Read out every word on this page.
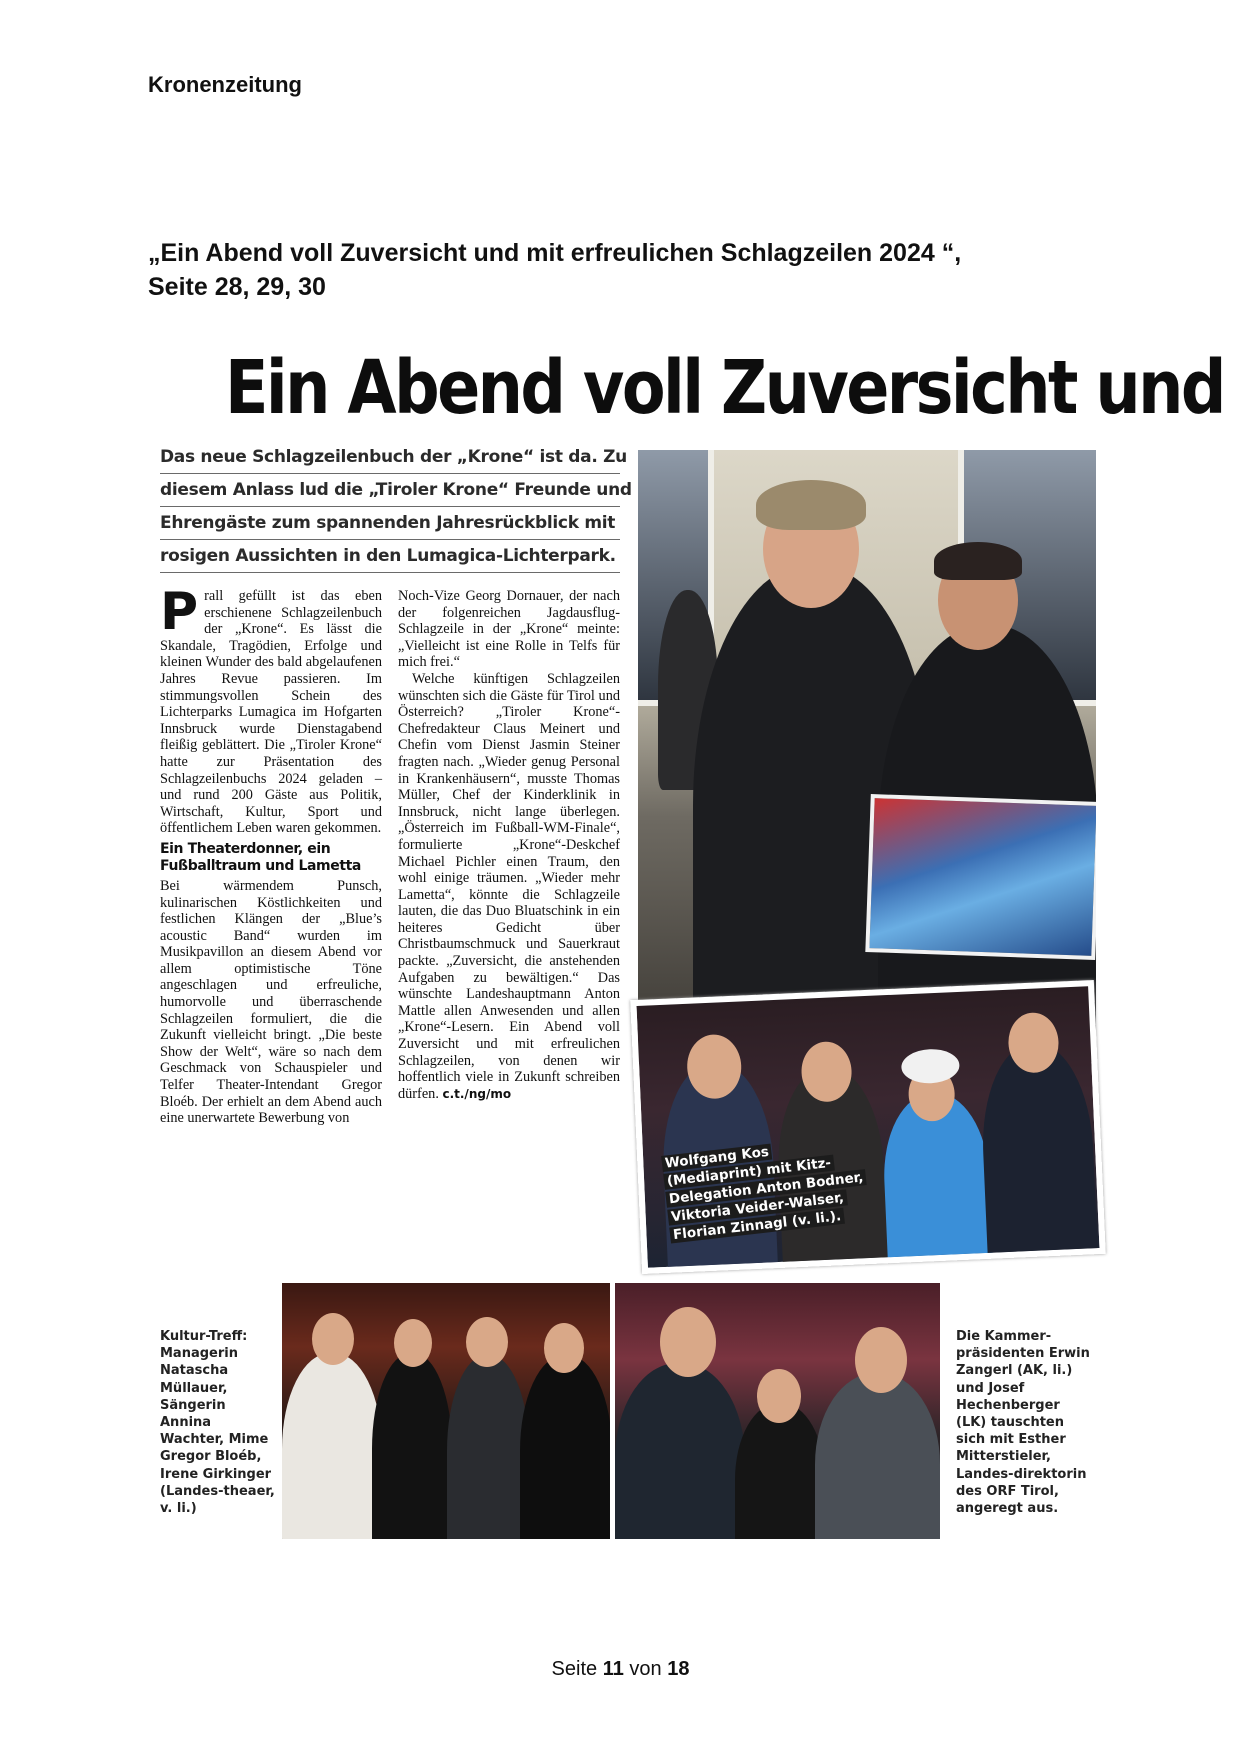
Kronenzeitung
„Ein Abend voll Zuversicht und mit erfreulichen Schlagzeilen 2024 “,
Seite 28, 29, 30
Ein Abend voll Zuversicht und
Das neue Schlagzeilenbuch der „Krone“ ist da. Zu
diesem Anlass lud die „Tiroler Krone“ Freunde und
Ehrengäste zum spannenden Jahresrückblick mit
rosigen Aussichten in den Lumagica-Lichterpark.
P rall gefüllt ist das eben erschienene Schlagzeilenbuch der „Krone“. Es lässt die Skandale, Tragödien, Erfolge und kleinen Wunder des bald abgelaufenen Jahres Revue passieren. Im stimmungsvollen Schein des Lichterparks Lumagica im Hofgarten Innsbruck wurde Dienstagabend fleißig geblättert. Die „Tiroler Krone“ hatte zur Präsentation des Schlagzeilenbuchs 2024 geladen – und rund 200 Gäste aus Politik, Wirtschaft, Kultur, Sport und öffentlichem Leben waren gekommen.

Ein Theaterdonner, ein
Fußballtraum und Lametta

Bei wärmendem Punsch, kulinarischen Köstlichkeiten und festlichen Klängen der „Blue’s acoustic Band“ wurden im Musikpavillon an diesem Abend vor allem optimistische Töne angeschlagen und erfreuliche, humorvolle und überraschende Schlagzeilen formuliert, die die Zukunft vielleicht bringt. „Die beste Show der Welt“, wäre so nach dem Geschmack von Schauspieler und Telfer Theater-Intendant Gregor Bloéb. Der erhielt an dem Abend auch eine unerwartete Bewerbung von

Noch-Vize Georg Dornauer, der nach der folgenreichen Jagdausflug-Schlagzeile in der „Krone“ meinte: „Vielleicht ist eine Rolle in Telfs für mich frei.“

Welche künftigen Schlagzeilen wünschten sich die Gäste für Tirol und Österreich? „Tiroler Krone“-Chefredakteur Claus Meinert und Chefin vom Dienst Jasmin Steiner fragten nach. „Wieder genug Personal in Krankenhäusern“, musste Thomas Müller, Chef der Kinderklinik in Innsbruck, nicht lange überlegen. „Österreich im Fußball-WM-Finale“, formulierte „Krone“-Deskchef Michael Pichler einen Traum, den wohl einige träumen. „Wieder mehr Lametta“, könnte die Schlagzeile lauten, die das Duo Bluatschink in ein heiteres Gedicht über Christbaumschmuck und Sauerkraut packte. „Zuversicht, die anstehenden Aufgaben zu bewältigen.“ Das wünschte Landeshauptmann Anton Mattle allen Anwesenden und allen „Krone“-Lesern. Ein Abend voll Zuversicht und mit erfreulichen Schlagzeilen, von denen wir hoffentlich viele in Zukunft schreiben dürfen. c.t./ng/mo

Wolfgang Kos (Mediaprint) mit Kitz-Delegation Anton Bodner, Viktoria Veider-Walser, Florian Zinnagl (v. li.).
Kultur-Treff: Managerin Natascha Müllauer, Sängerin Annina Wachter, Mime Gregor Bloéb, Irene Girkinger (Landes-theaer, v. li.)
Die Kammer-präsidenten Erwin Zangerl (AK, li.) und Josef Hechenberger (LK) tauschten sich mit Esther Mitterstieler, Landes-direktorin des ORF Tirol, angeregt aus.
Seite 11 von 18
